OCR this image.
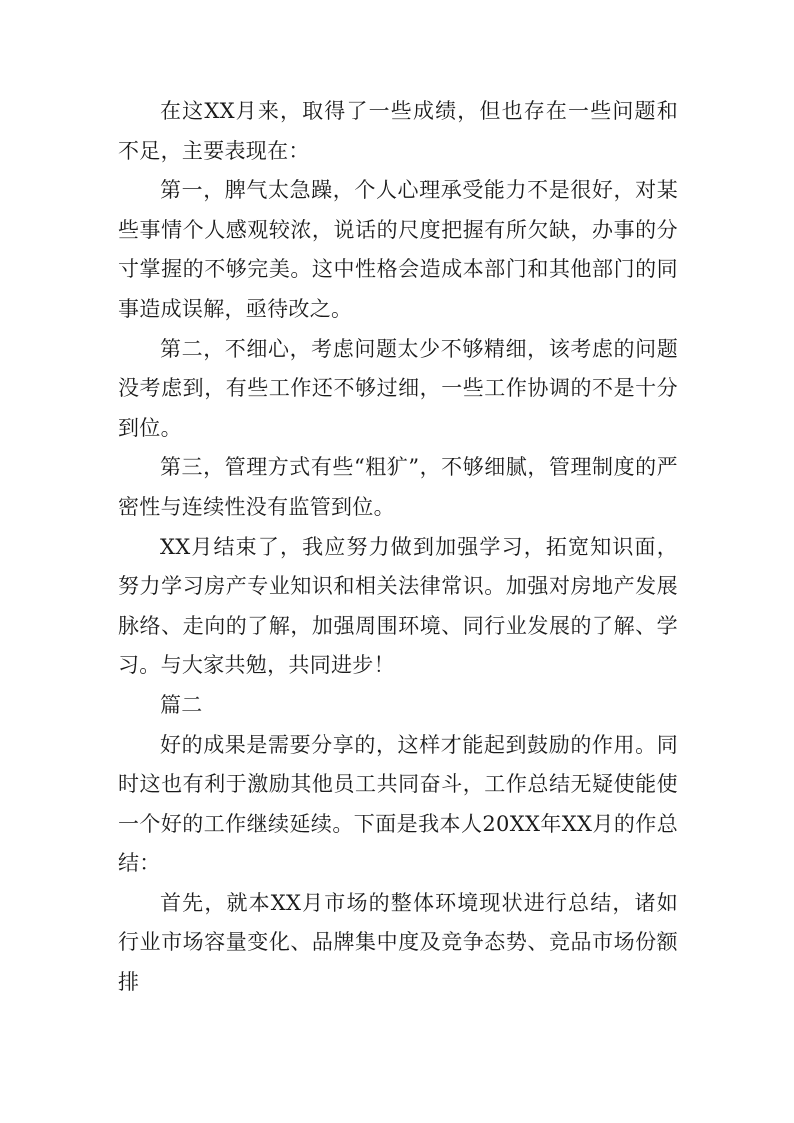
在这XX月来，取得了一些成绩，但也存在一些问题和不足，主要表现在：

第一，脾气太急躁，个人心理承受能力不是很好，对某些事情个人感观较浓，说话的尺度把握有所欠缺，办事的分寸掌握的不够完美。这中性格会造成本部门和其他部门的同事造成误解，亟待改之。

第二，不细心，考虑问题太少不够精细，该考虑的问题没考虑到，有些工作还不够过细，一些工作协调的不是十分到位。

第三，管理方式有些“粗犷”，不够细腻，管理制度的严密性与连续性没有监管到位。

XX月结束了，我应努力做到加强学习，拓宽知识面，努力学习房产专业知识和相关法律常识。加强对房地产发展脉络、走向的了解，加强周围环境、同行业发展的了解、学习。与大家共勉，共同进步！

篇二

好的成果是需要分享的，这样才能起到鼓励的作用。同时这也有利于激励其他员工共同奋斗，工作总结无疑使能使一个好的工作继续延续。下面是我本人20XX年XX月的作总结：

首先，就本XX月市场的整体环境现状进行总结，诸如行业市场容量变化、品牌集中度及竞争态势、竞品市场份额排
